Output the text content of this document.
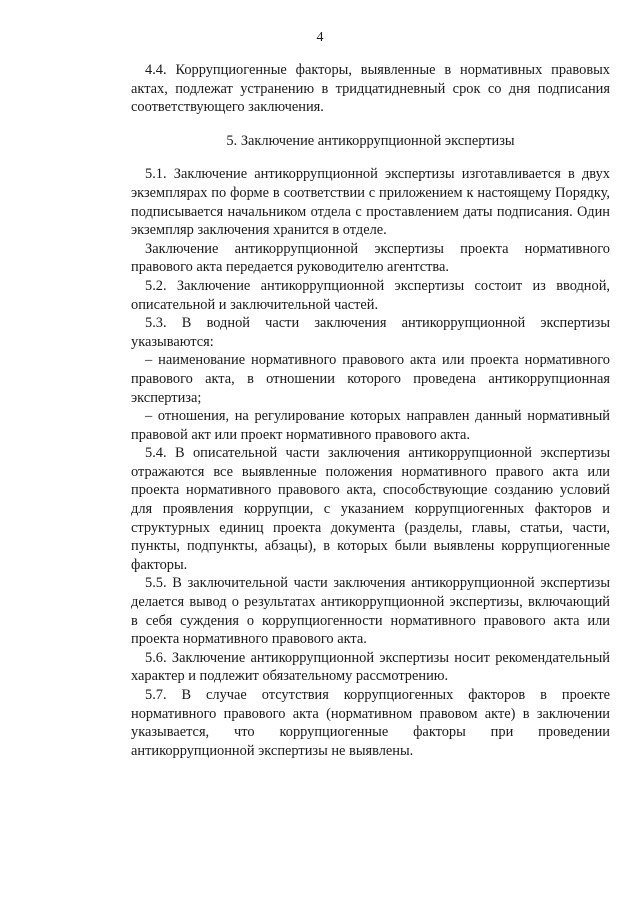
4

4.4. Коррупциогенные факторы, выявленные в нормативных правовых актах, подлежат устранению в тридцатидневный срок со дня подписания соответствующего заключения.

5. Заключение антикоррупционной экспертизы

5.1. Заключение антикоррупционной экспертизы изготавливается в двух экземплярах по форме в соответствии с приложением к настоящему Порядку, подписывается начальником отдела с проставлением даты подписания. Один экземпляр заключения хранится в отделе.

Заключение антикоррупционной экспертизы проекта нормативного правового акта передается руководителю агентства.

5.2. Заключение антикоррупционной экспертизы состоит из вводной, описательной и заключительной частей.

5.3. В водной части заключения антикоррупционной экспертизы указываются:

– наименование нормативного правового акта или проекта нормативного правового акта, в отношении которого проведена антикоррупционная экспертиза;

– отношения, на регулирование которых направлен данный нормативный правовой акт или проект нормативного правового акта.

5.4. В описательной части заключения антикоррупционной экспертизы отражаются все выявленные положения нормативного правого акта или проекта нормативного правового акта, способствующие созданию условий для проявления коррупции, с указанием коррупциогенных факторов и структурных единиц проекта документа (разделы, главы, статьи, части, пункты, подпункты, абзацы), в которых были выявлены коррупциогенные факторы.

5.5. В заключительной части заключения антикоррупционной экспертизы делается вывод о результатах антикоррупционной экспертизы, включающий в себя суждения о коррупциогенности нормативного правового акта или проекта нормативного правового акта.

5.6. Заключение антикоррупционной экспертизы носит рекомендательный характер и подлежит обязательному рассмотрению.

5.7. В случае отсутствия коррупциогенных факторов в проекте нормативного правового акта (нормативном правовом акте) в заключении указывается, что коррупциогенные факторы при проведении антикоррупционной экспертизы не выявлены.
